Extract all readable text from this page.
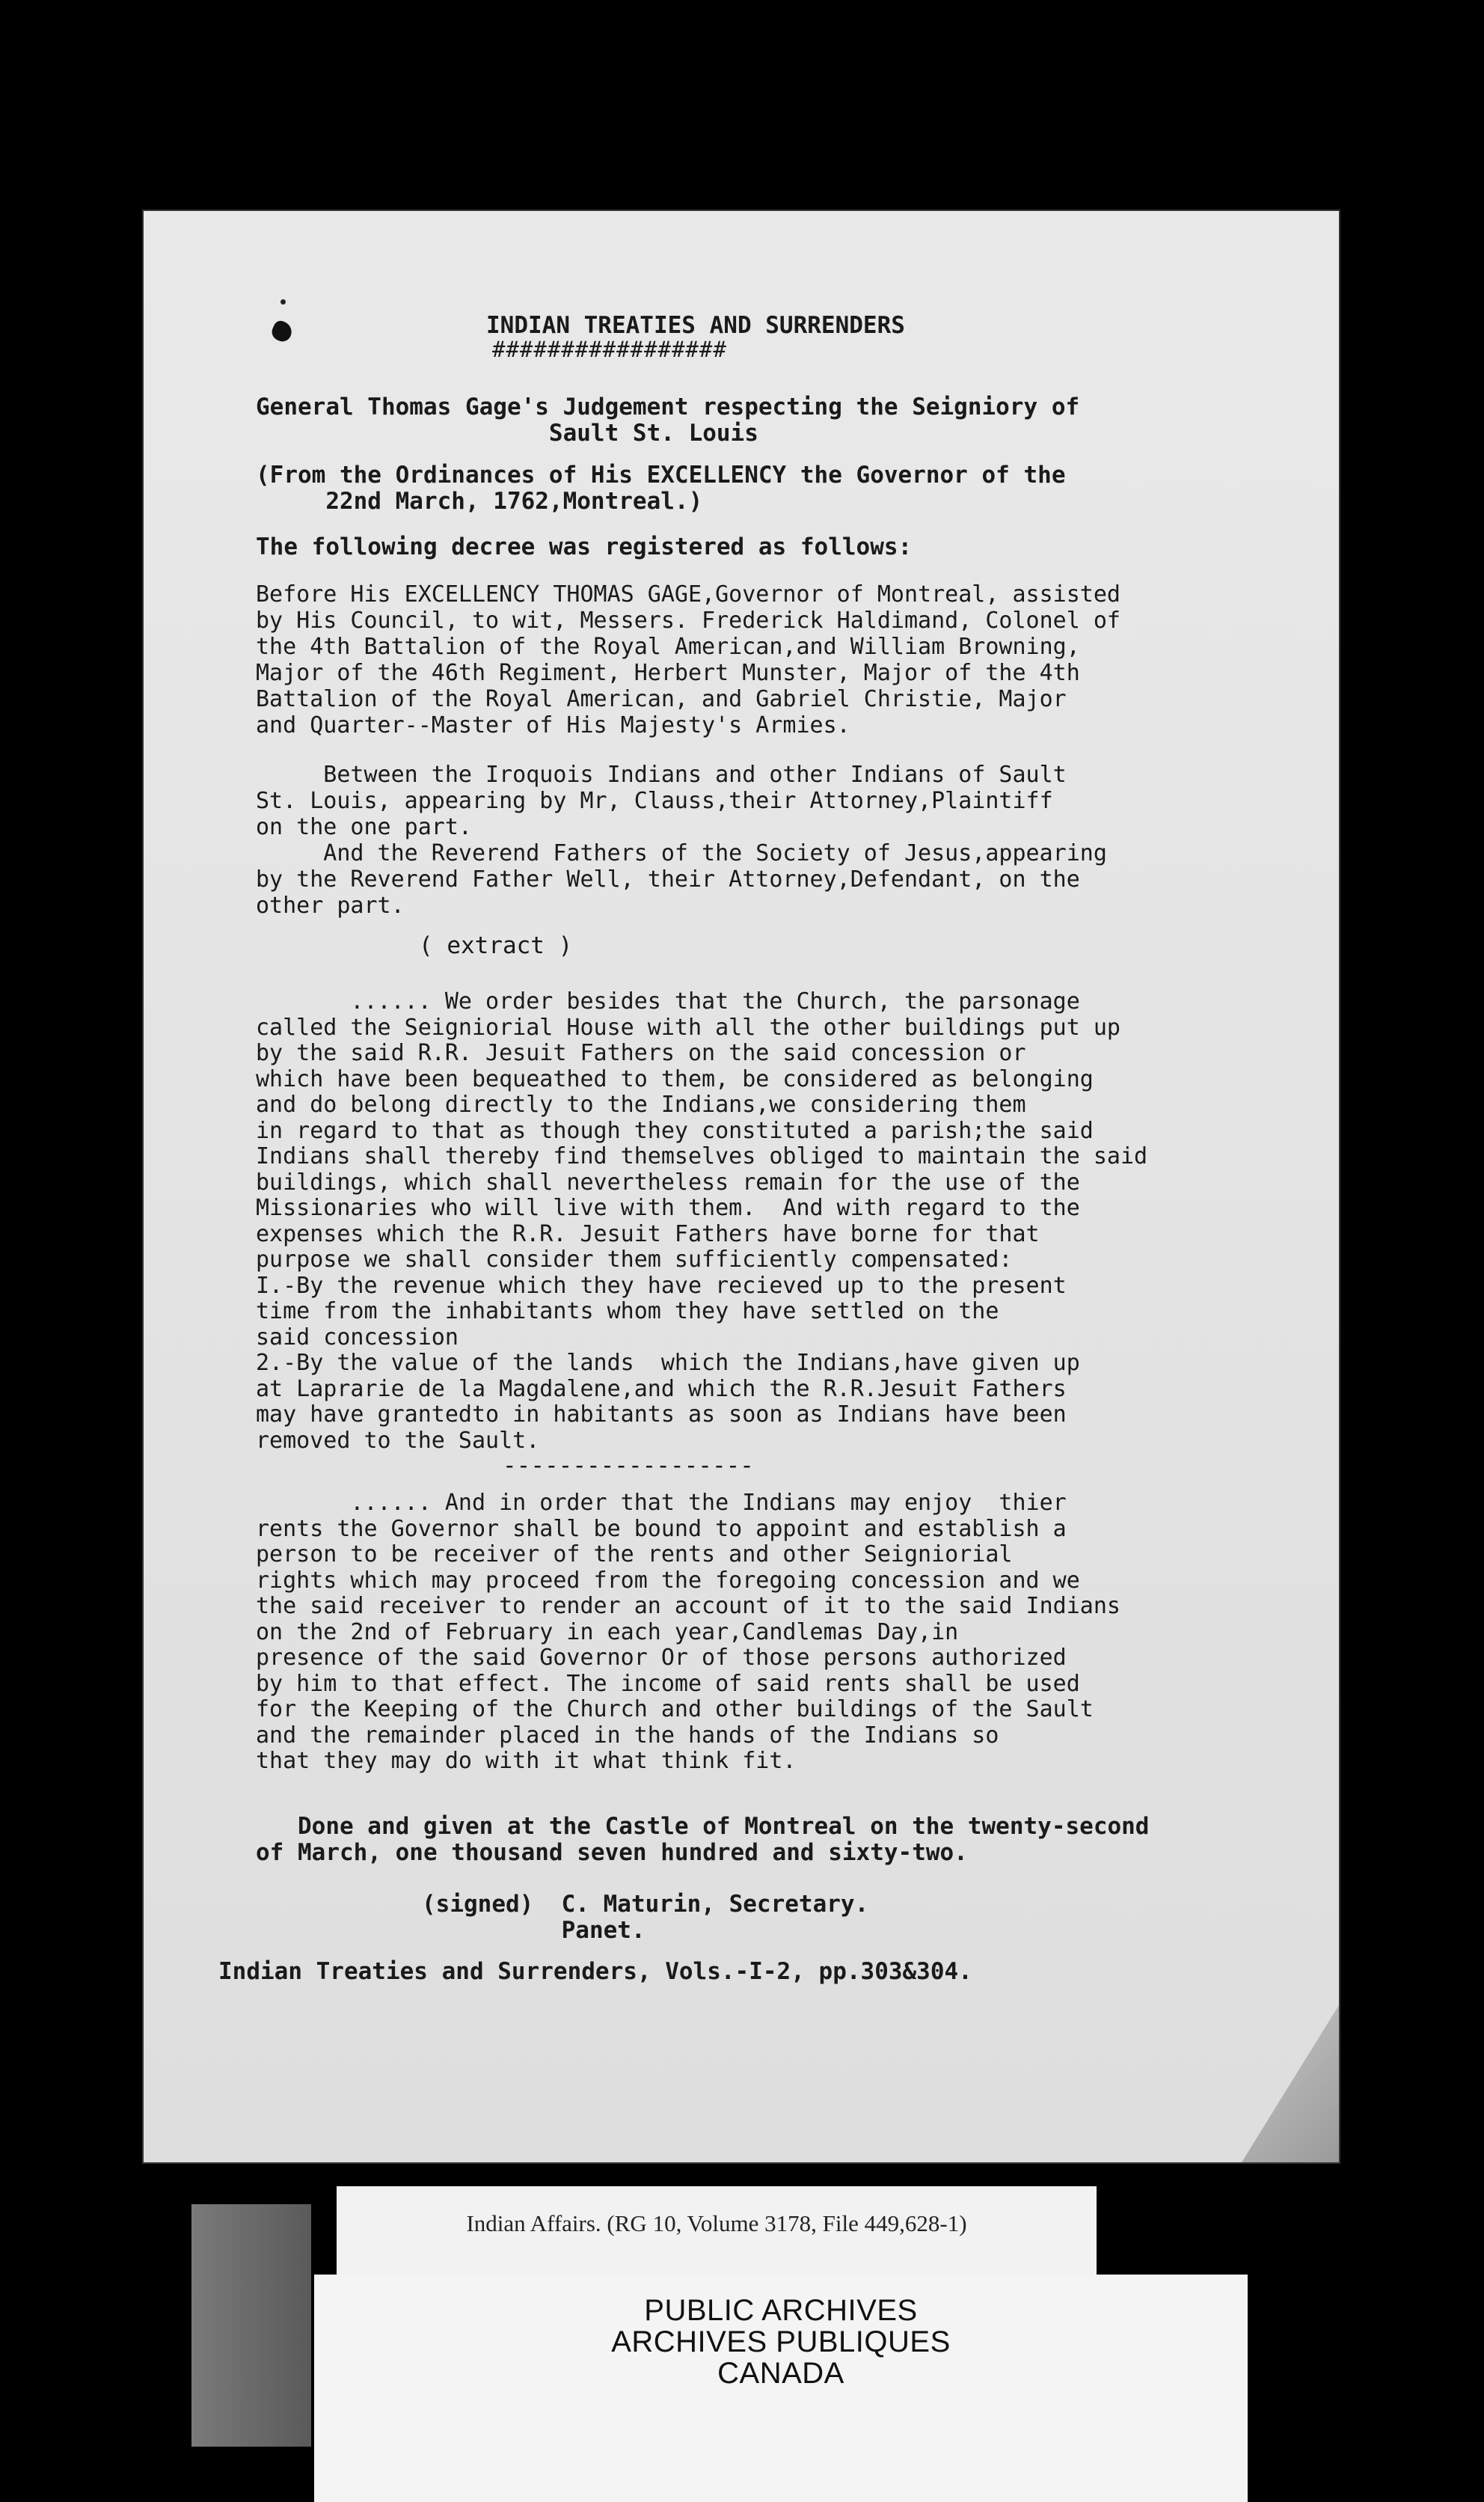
INDIAN TREATIES AND SURRENDERS
#################
General Thomas Gage's Judgement respecting the Seigniory of
Sault St. Louis
(From the Ordinances of His EXCELLENCY the Governor of the
22nd March, 1762,Montreal.)
The following decree was registered as follows:
Before His EXCELLENCY THOMAS GAGE,Governor of Montreal, assisted
by His Council, to wit, Messers. Frederick Haldimand, Colonel of
the 4th Battalion of the Royal American,and William Browning,
Major of the 46th Regiment, Herbert Munster, Major of the 4th
Battalion of the Royal American, and Gabriel Christie, Major
and Quarter--Master of His Majesty's Armies.
Between the Iroquois Indians and other Indians of Sault
St. Louis, appearing by Mr, Clauss,their Attorney,Plaintiff
on the one part.
And the Reverend Fathers of the Society of Jesus,appearing
by the Reverend Father Well, their Attorney,Defendant, on the
other part.
( extract )
...... We order besides that the Church, the parsonage
called the Seigniorial House with all the other buildings put up
by the said R.R. Jesuit Fathers on the said concession or
which have been bequeathed to them, be considered as belonging
and do belong directly to the Indians,we considering them
in regard to that as though they constituted a parish;the said
Indians shall thereby find themselves obliged to maintain the said
buildings, which shall nevertheless remain for the use of the
Missionaries who will live with them.  And with regard to the
expenses which the R.R. Jesuit Fathers have borne for that
purpose we shall consider them sufficiently compensated:
I.-By the revenue which they have recieved up to the present
time from the inhabitants whom they have settled on the
said concession
2.-By the value of the lands  which the Indians,have given up
at Laprarie de la Magdalene,and which the R.R.Jesuit Fathers
may have grantedto in habitants as soon as Indians have been
removed to the Sault.
------------------
...... And in order that the Indians may enjoy  thier
rents the Governor shall be bound to appoint and establish a
person to be receiver of the rents and other Seigniorial
rights which may proceed from the foregoing concession and we
the said receiver to render an account of it to the said Indians
on the 2nd of February in each year,Candlemas Day,in
presence of the said Governor Or of those persons authorized
by him to that effect. The income of said rents shall be used
for the Keeping of the Church and other buildings of the Sault
and the remainder placed in the hands of the Indians so
that they may do with it what think fit.
Done and given at the Castle of Montreal on the twenty-second
of March, one thousand seven hundred and sixty-two.
(signed)  C. Maturin, Secretary.
Panet.
Indian Treaties and Surrenders, Vols.-I-2, pp.303&304.
Indian Affairs. (RG 10, Volume 3178, File 449,628-1)
PUBLIC ARCHIVES
ARCHIVES PUBLIQUES
CANADA
